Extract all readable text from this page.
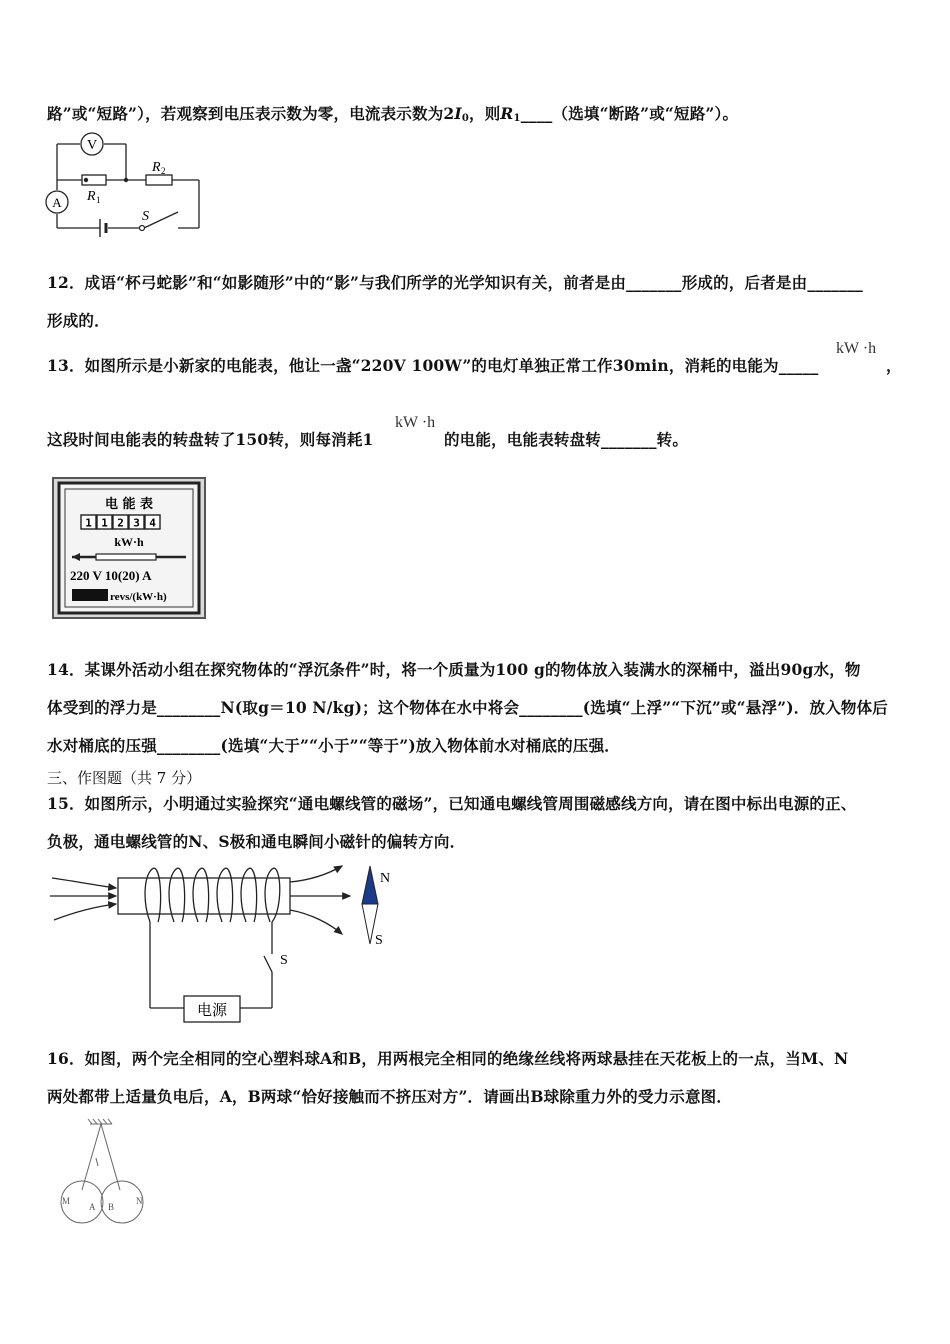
路”或“短路”），若观察到电压表示数为零，电流表示数为$2I_0$，则$R_1\_\_\_\_$（选填“断路”或“短路”）。
V
A
R 2
R 1
S
12．成语“杯弓蛇影”和“如影随形”中的“影”与我们所学的光学知识有关，前者是由_______形成的，后者是由_______
形成的．
13．如图所示是小新家的电能表，他让一盏“220V 100W”的电灯单独正常工作30min，消耗的电能为_____
kW ·h
，
这段时间电能表的转盘转了150转，则每消耗1
kW ·h
的电能，电能表转盘转_______转。
电 能 表
1 1 2 3 4
kW·h
220 V 10(20) A
revs/(kW·h)
14．某课外活动小组在探究物体的“浮沉条件”时，将一个质量为100 g的物体放入装满水的深桶中，溢出90g水，物
体受到的浮力是________N(取g＝10 N/kg)；这个物体在水中将会________(选填“上浮”“下沉”或“悬浮”)．放入物体后
水对桶底的压强________(选填“大于”“小于”“等于”)放入物体前水对桶底的压强．
三、作图题（共 7 分）
15．如图所示，小明通过实验探究“通电螺线管的磁场”，已知通电螺线管周围磁感线方向，请在图中标出电源的正、
负极，通电螺线管的N、S极和通电瞬间小磁针的偏转方向．
N
S
S
电源
16．如图，两个完全相同的空心塑料球A和B，用两根完全相同的绝缘丝线将两球悬挂在天花板上的一点，当M、N
两处都带上适量负电后，A，B两球“恰好接触而不挤压对方”．请画出B球除重力外的受力示意图．
M
A B
N
